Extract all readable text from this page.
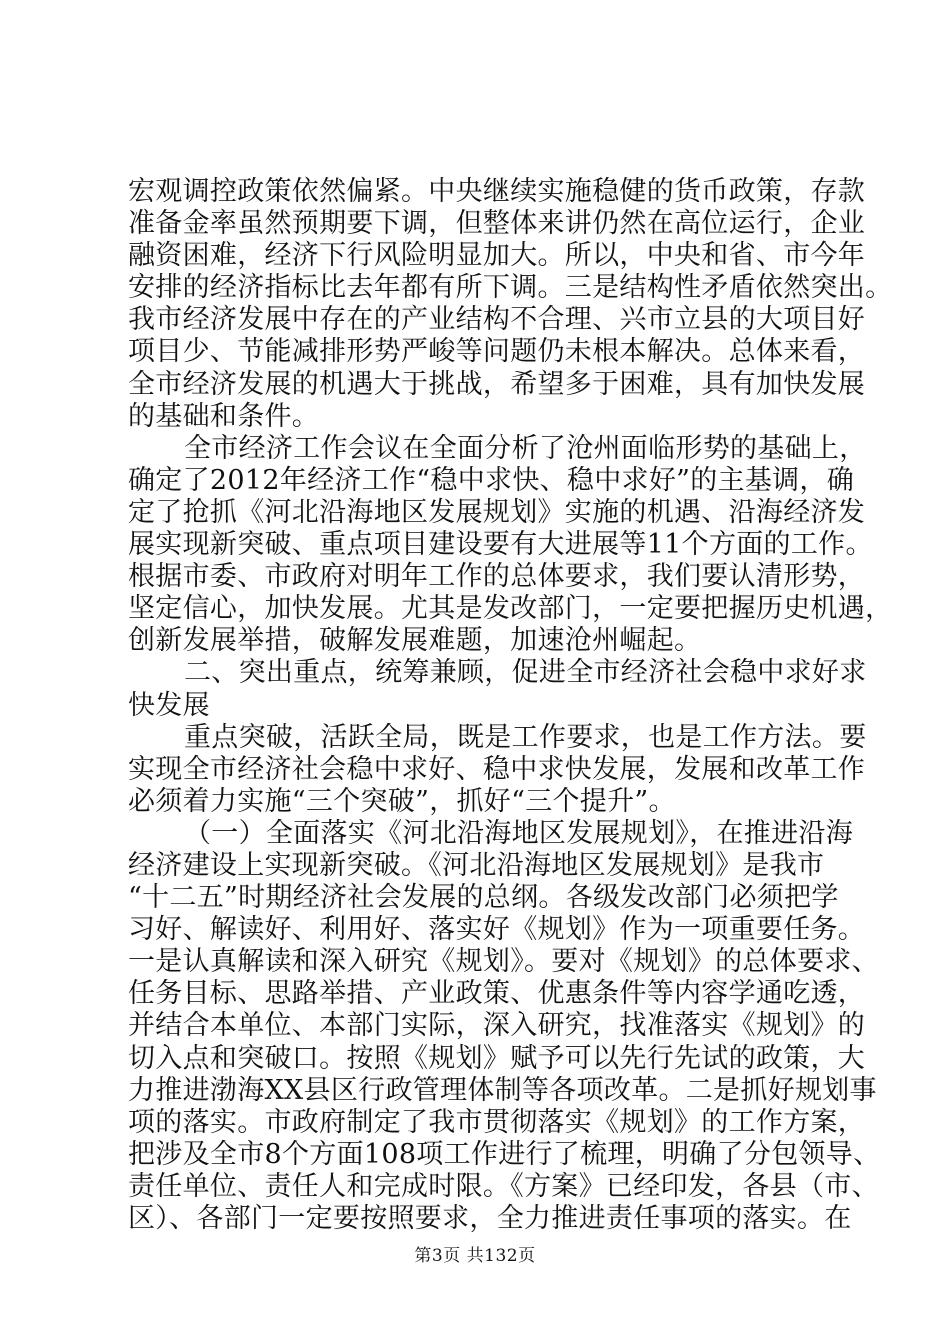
宏观调控政策依然偏紧。中央继续实施稳健的货币政策，存款
准备金率虽然预期要下调，但整体来讲仍然在高位运行，企业
融资困难，经济下行风险明显加大。所以，中央和省、市今年
安排的经济指标比去年都有所下调。三是结构性矛盾依然突出。
我市经济发展中存在的产业结构不合理、兴市立县的大项目好
项目少、节能减排形势严峻等问题仍未根本解决。总体来看，
全市经济发展的机遇大于挑战，希望多于困难，具有加快发展
的基础和条件。
全市经济工作会议在全面分析了沧州面临形势的基础上，
确定了2012年经济工作“稳中求快、稳中求好”的主基调，确
定了抢抓《河北沿海地区发展规划》实施的机遇、沿海经济发
展实现新突破、重点项目建设要有大进展等11个方面的工作。
根据市委、市政府对明年工作的总体要求，我们要认清形势，
坚定信心，加快发展。尤其是发改部门，一定要把握历史机遇，
创新发展举措，破解发展难题，加速沧州崛起。
二、突出重点，统筹兼顾，促进全市经济社会稳中求好求
快发展
重点突破，活跃全局，既是工作要求，也是工作方法。要
实现全市经济社会稳中求好、稳中求快发展，发展和改革工作
必须着力实施“三个突破”，抓好“三个提升”。
（一）全面落实《河北沿海地区发展规划》，在推进沿海
经济建设上实现新突破。《河北沿海地区发展规划》是我市
“十二五”时期经济社会发展的总纲。各级发改部门必须把学
习好、解读好、利用好、落实好《规划》作为一项重要任务。
一是认真解读和深入研究《规划》。要对《规划》的总体要求、
任务目标、思路举措、产业政策、优惠条件等内容学通吃透，
并结合本单位、本部门实际，深入研究，找准落实《规划》的
切入点和突破口。按照《规划》赋予可以先行先试的政策，大
力推进渤海XX县区行政管理体制等各项改革。二是抓好规划事
项的落实。市政府制定了我市贯彻落实《规划》的工作方案，
把涉及全市8个方面108项工作进行了梳理，明确了分包领导、
责任单位、责任人和完成时限。《方案》已经印发，各县（市、
区）、各部门一定要按照要求，全力推进责任事项的落实。在
第3页 共132页
